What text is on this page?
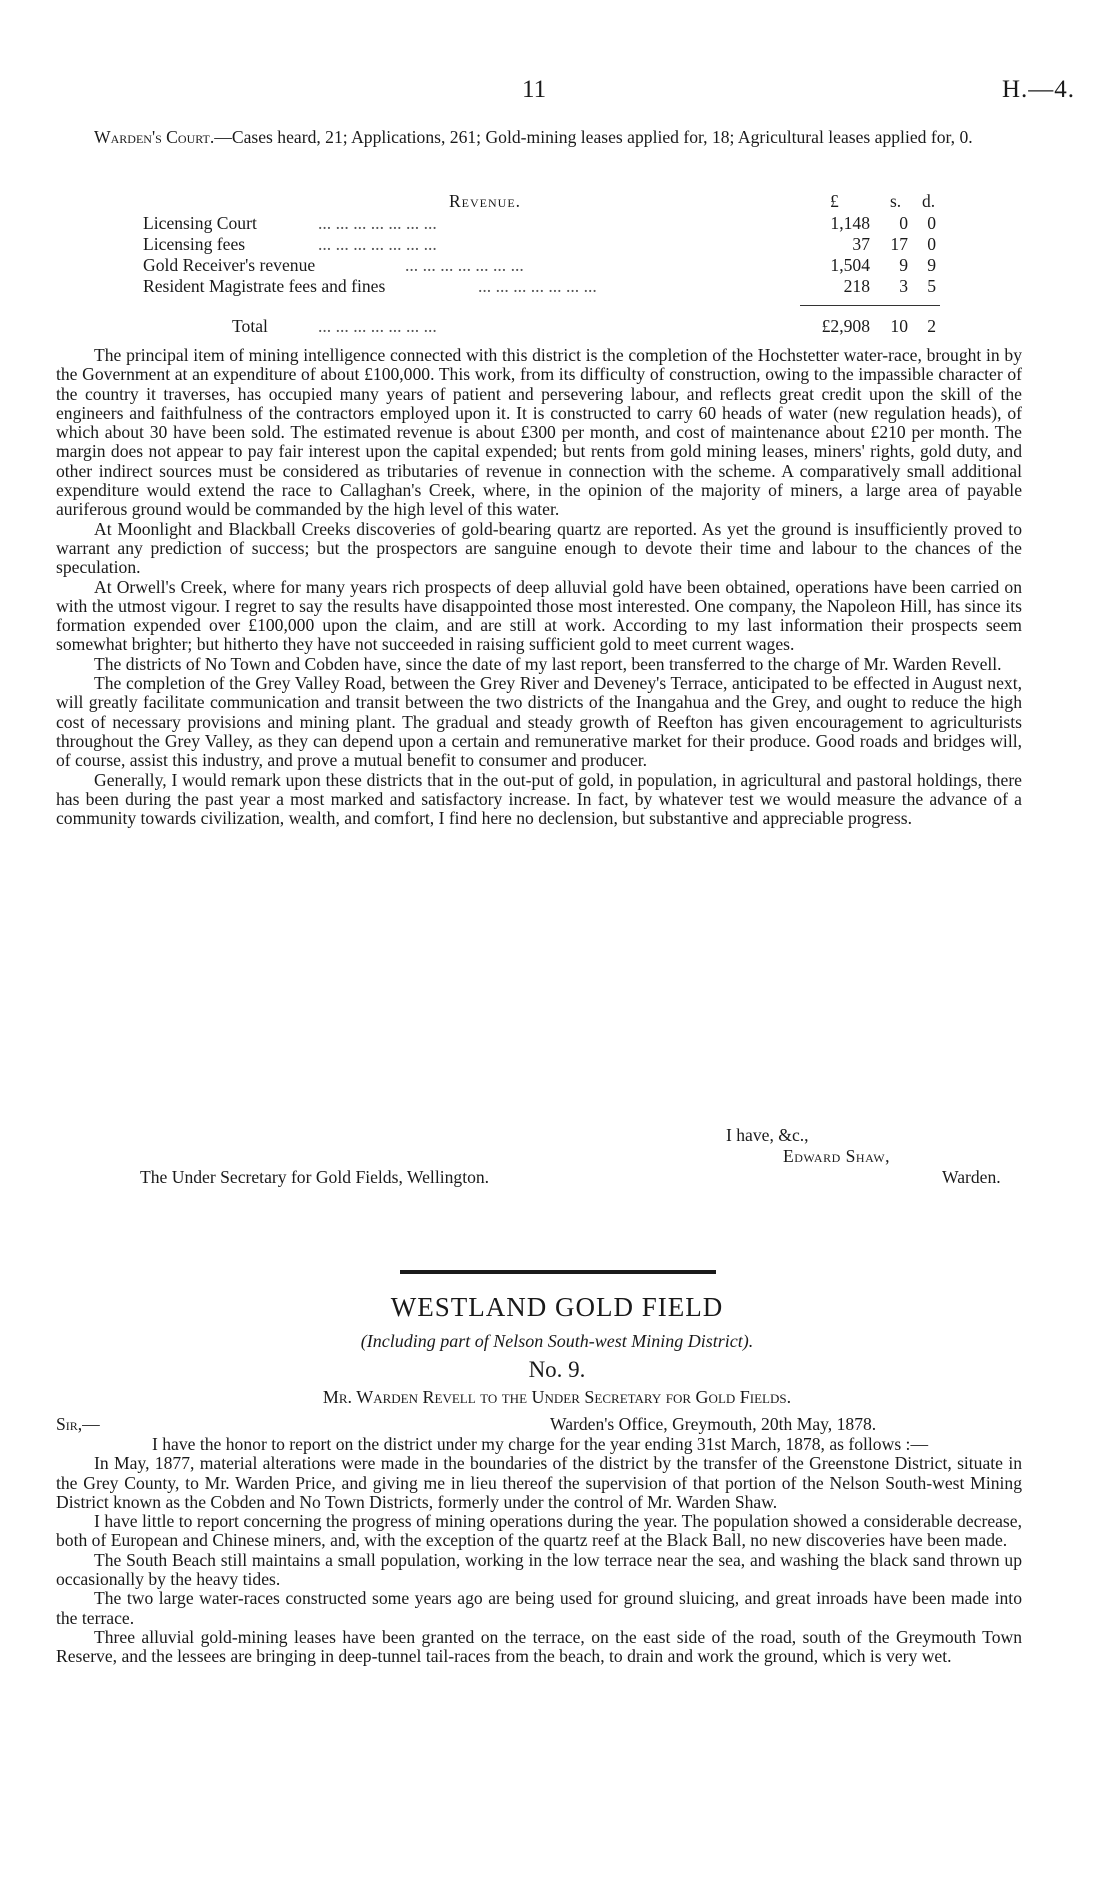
11	H.—4.

Warden's Court.—Cases heard, 21; Applications, 261; Gold-mining leases applied for, 18; Agricultural leases applied for, 0.

Revenue.	£	s. d.
Licensing Court	... ... ... ... ... ... ...	1,148	0	0
Licensing fees	... ... ... ... ... ... ...	37	17	0
Gold Receiver's revenue	... ... ... ... ... ... ...	1,504	9	9
Resident Magistrate fees and fines	... ... ... ... ... ... ...	218	3	5
Total	... ... ... ... ... ... ...	£2,908	10	2

The principal item of mining intelligence connected with this district is the completion of the Hochstetter water-race, brought in by the Government at an expenditure of about £100,000. This work, from its difficulty of construction, owing to the impassible character of the country it traverses, has occupied many years of patient and persevering labour, and reflects great credit upon the skill of the engineers and faithfulness of the contractors employed upon it. It is constructed to carry 60 heads of water (new regulation heads), of which about 30 have been sold. The estimated revenue is about £300 per month, and cost of maintenance about £210 per month. The margin does not appear to pay fair interest upon the capital expended; but rents from gold mining leases, miners' rights, gold duty, and other indirect sources must be considered as tributaries of revenue in connection with the scheme. A comparatively small additional expenditure would extend the race to Callaghan's Creek, where, in the opinion of the majority of miners, a large area of payable auriferous ground would be commanded by the high level of this water.

At Moonlight and Blackball Creeks discoveries of gold-bearing quartz are reported. As yet the ground is insufficiently proved to warrant any prediction of success; but the prospectors are sanguine enough to devote their time and labour to the chances of the speculation.

At Orwell's Creek, where for many years rich prospects of deep alluvial gold have been obtained, operations have been carried on with the utmost vigour. I regret to say the results have disappointed those most interested. One company, the Napoleon Hill, has since its formation expended over £100,000 upon the claim, and are still at work. According to my last information their prospects seem somewhat brighter; but hitherto they have not succeeded in raising sufficient gold to meet current wages.

The districts of No Town and Cobden have, since the date of my last report, been transferred to the charge of Mr. Warden Revell.

The completion of the Grey Valley Road, between the Grey River and Deveney's Terrace, anticipated to be effected in August next, will greatly facilitate communication and transit between the two districts of the Inangahua and the Grey, and ought to reduce the high cost of necessary provisions and mining plant. The gradual and steady growth of Reefton has given encouragement to agriculturists throughout the Grey Valley, as they can depend upon a certain and remunerative market for their produce. Good roads and bridges will, of course, assist this industry, and prove a mutual benefit to consumer and producer.

Generally, I would remark upon these districts that in the out-put of gold, in population, in agricultural and pastoral holdings, there has been during the past year a most marked and satisfactory increase. In fact, by whatever test we would measure the advance of a community towards civilization, wealth, and comfort, I find here no declension, but substantive and appreciable progress.

I have, &c.,
Edward Shaw,
The Under Secretary for Gold Fields, Wellington.	Warden.
WESTLAND GOLD FIELD
(Including part of Nelson South-west Mining District).
No. 9.
Mr. Warden Revell to the Under Secretary for Gold Fields.
Sir,—	Warden's Office, Greymouth, 20th May, 1878.

I have the honor to report on the district under my charge for the year ending 31st March, 1878, as follows :—

In May, 1877, material alterations were made in the boundaries of the district by the transfer of the Greenstone District, situate in the Grey County, to Mr. Warden Price, and giving me in lieu thereof the supervision of that portion of the Nelson South-west Mining District known as the Cobden and No Town Districts, formerly under the control of Mr. Warden Shaw.

I have little to report concerning the progress of mining operations during the year. The population showed a considerable decrease, both of European and Chinese miners, and, with the exception of the quartz reef at the Black Ball, no new discoveries have been made.

The South Beach still maintains a small population, working in the low terrace near the sea, and washing the black sand thrown up occasionally by the heavy tides.

The two large water-races constructed some years ago are being used for ground sluicing, and great inroads have been made into the terrace.

Three alluvial gold-mining leases have been granted on the terrace, on the east side of the road, south of the Greymouth Town Reserve, and the lessees are bringing in deep-tunnel tail-races from the beach, to drain and work the ground, which is very wet.
